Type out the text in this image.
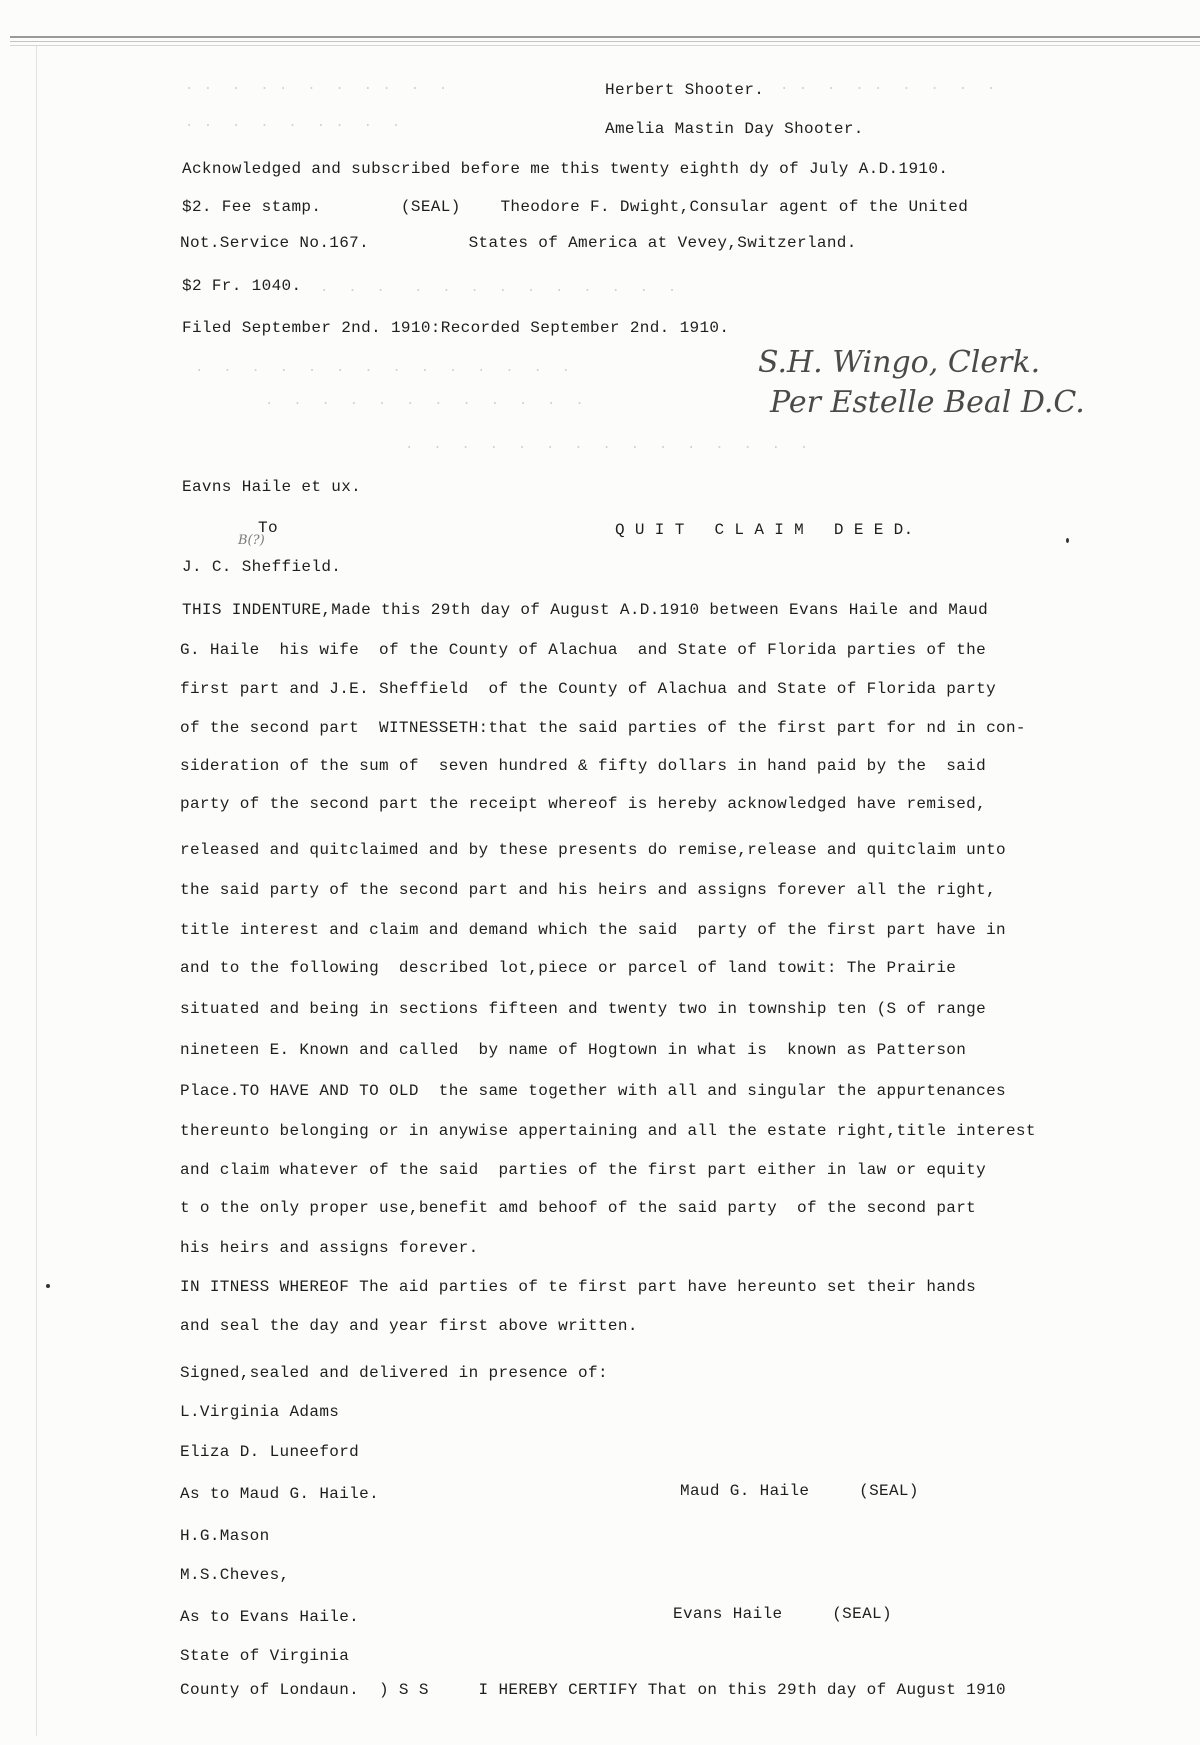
. .  .  . .  .  .  . .  .  .
. .  .  .  .  . .  .  .
. .  .  . .  .  .  .  .
.  .  .   .  .  .  .  .  .  .  .  .  .
.  .  .  .  .  .  .  .  .  .  .  .  .  .
.  .  .  .  .  .  .  .  .  .  .  .
.  .  .  .  .  .  .  .  .  .  .  .  .  .  .
Herbert Shooter.
Amelia Mastin Day Shooter.
Acknowledged and subscribed before me this twenty eighth dy of July A.D.1910.
$2. Fee stamp.        (SEAL)    Theodore F. Dwight,Consular agent of the United
Not.Service No.167.          States of America at Vevey,Switzerland.
$2 Fr. 1040.
Filed September 2nd. 1910:Recorded September 2nd. 1910.
S.H. Wingo, Clerk.
Per Estelle Beal D.C.
Eavns Haile et ux.
To
B(?)
Q U I T   C L A I M   D E E D.
J. C. Sheffield.
THIS INDENTURE,Made this 29th day of August A.D.1910 between Evans Haile and Maud
G. Haile  his wife  of the County of Alachua  and State of Florida parties of the
first part and J.E. Sheffield  of the County of Alachua and State of Florida party
of the second part  WITNESSETH:that the said parties of the first part for nd in con-
sideration of the sum of  seven hundred & fifty dollars in hand paid by the  said
party of the second part the receipt whereof is hereby acknowledged have remised,
released and quitclaimed and by these presents do remise,release and quitclaim unto
the said party of the second part and his heirs and assigns forever all the right,
title interest and claim and demand which the said  party of the first part have in
and to the following  described lot,piece or parcel of land towit: The Prairie
situated and being in sections fifteen and twenty two in township ten (S of range
nineteen E. Known and called  by name of Hogtown in what is  known as Patterson
Place.TO HAVE AND TO OLD  the same together with all and singular the appurtenances
thereunto belonging or in anywise appertaining and all the estate right,title interest
and claim whatever of the said  parties of the first part either in law or equity
t o the only proper use,benefit amd behoof of the said party  of the second part
his heirs and assigns forever.
IN ITNESS WHEREOF The aid parties of te first part have hereunto set their hands
and seal the day and year first above written.
Signed,sealed and delivered in presence of:
L.Virginia Adams
Eliza D. Luneeford
As to Maud G. Haile.	Maud G. Haile     (SEAL)
H.G.Mason
M.S.Cheves,
As to Evans Haile.	Evans Haile     (SEAL)
State of Virginia
County of Londaun.  ) S S     I HEREBY CERTIFY That on this 29th day of August 1910
